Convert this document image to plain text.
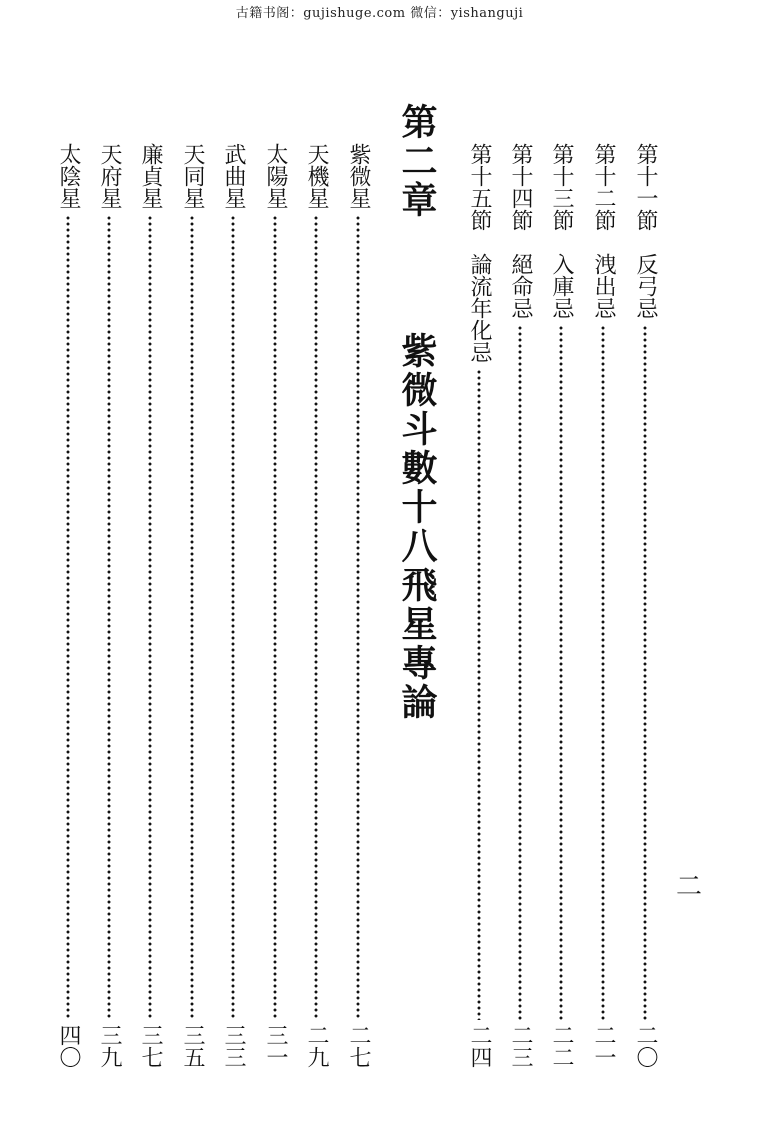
古籍书阁：gujishuge.com 微信：yishanguji
二
第十一節
反弓忌
二〇
第十二節
洩出忌
二一
第十三節
入庫忌
二二
第十四節
絕命忌
二三
第十五節
論流年化忌
二四
第二章  紫微斗數十八飛星專論
紫微星
二七
天機星
二九
太陽星
三一
武曲星
三三
天同星
三五
廉貞星
三七
天府星
三九
太陰星
四〇
